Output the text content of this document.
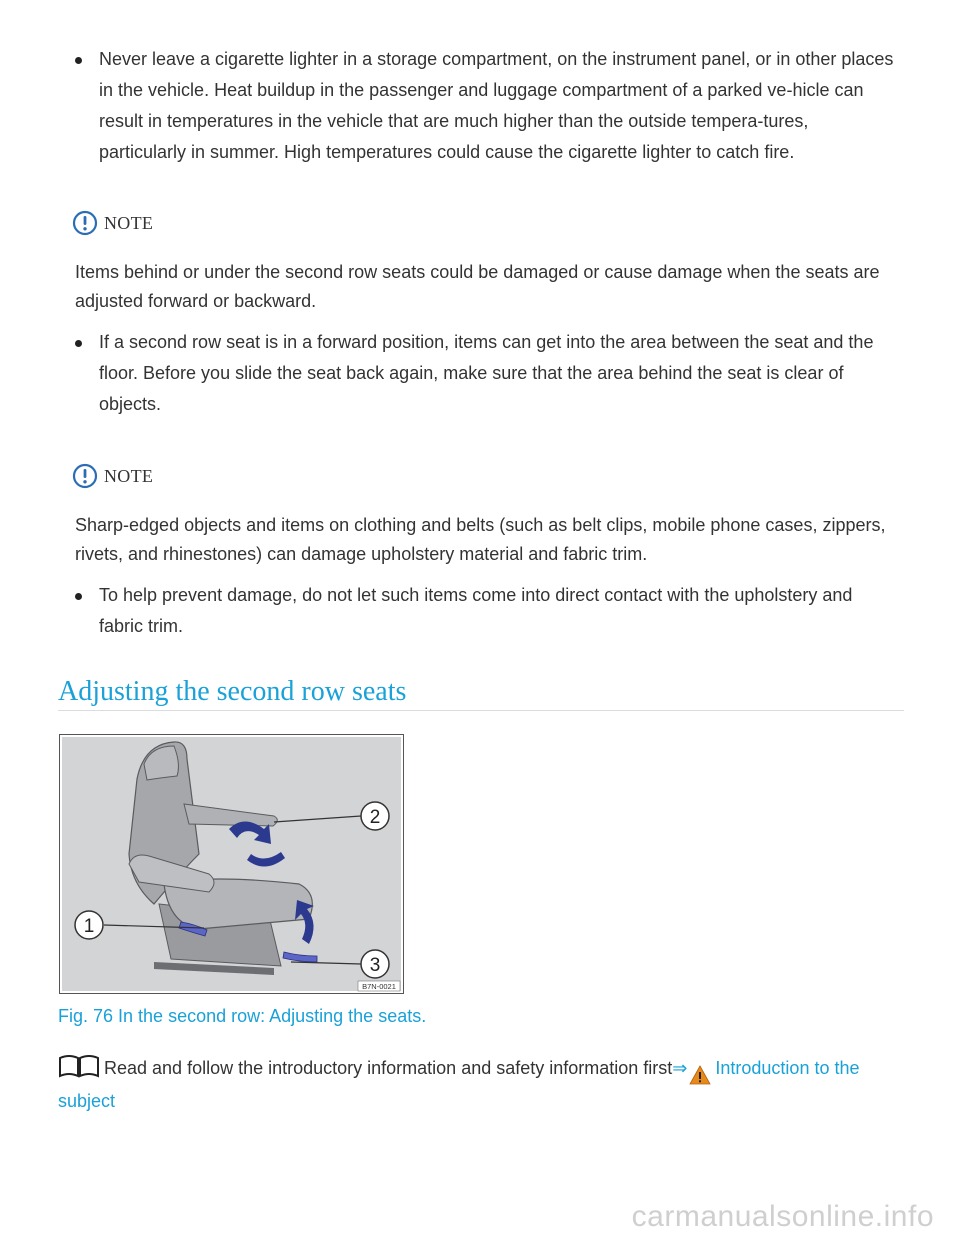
Never leave a cigarette lighter in a storage compartment, on the instrument panel, or in other places in the vehicle. Heat buildup in the passenger and luggage compartment of a parked ve-hicle can result in temperatures in the vehicle that are much higher than the outside tempera-tures, particularly in summer. High temperatures could cause the cigarette lighter to catch fire.
NOTE
Items behind or under the second row seats could be damaged or cause damage when the seats are adjusted forward or backward.
If a second row seat is in a forward position, items can get into the area between the seat and the floor. Before you slide the seat back again, make sure that the area behind the seat is clear of objects.
NOTE
Sharp-edged objects and items on clothing and belts (such as belt clips, mobile phone cases, zippers, rivets, and rhinestones) can damage upholstery material and fabric trim.
To help prevent damage, do not let such items come into direct contact with the upholstery and fabric trim.
Adjusting the second row seats
1
2
3
B7N-0021
Fig. 76 In the second row: Adjusting the seats.
Read and follow the introductory information and safety information first⇒ Introduction to the subject
carmanualsonline.info
